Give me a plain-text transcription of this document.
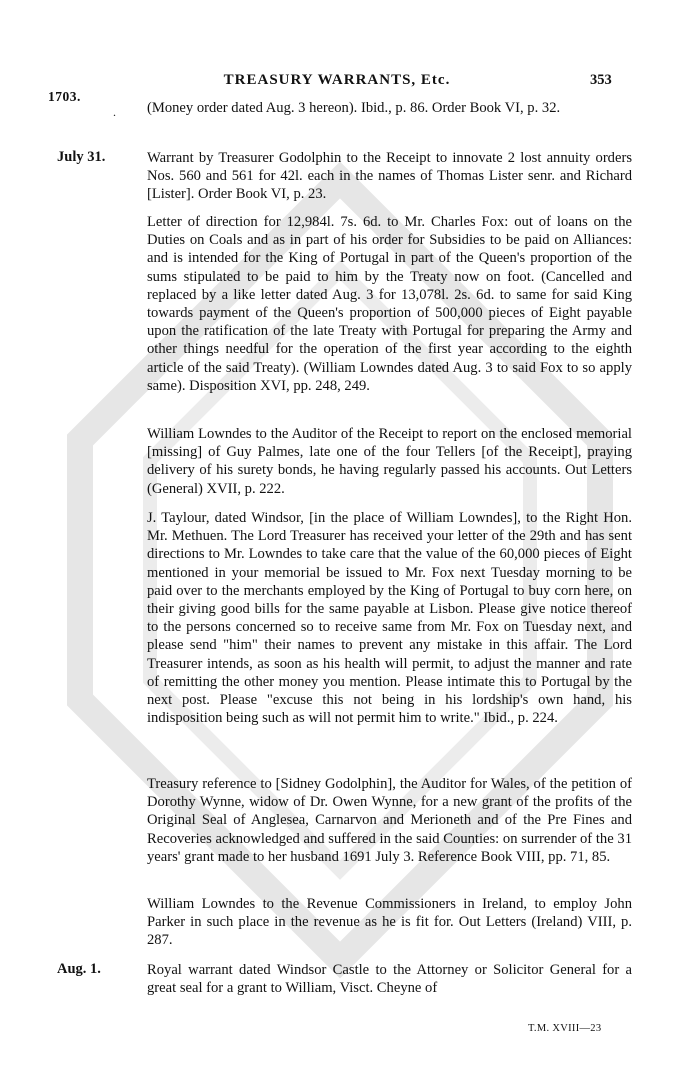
TREASURY WARRANTS, Etc.	353
1703.
. (Money order dated Aug. 3 hereon). Ibid., p. 86. Order Book VI, p. 32.
July 31.	Warrant by Treasurer Godolphin to the Receipt to innovate 2 lost annuity orders Nos. 560 and 561 for 42l. each in the names of Thomas Lister senr. and Richard [Lister]. Order Book VI, p. 23.
Letter of direction for 12,984l. 7s. 6d. to Mr. Charles Fox: out of loans on the Duties on Coals and as in part of his order for Subsidies to be paid on Alliances: and is intended for the King of Portugal in part of the Queen's proportion of the sums stipulated to be paid to him by the Treaty now on foot. (Cancelled and replaced by a like letter dated Aug. 3 for 13,078l. 2s. 6d. to same for said King towards payment of the Queen's proportion of 500,000 pieces of Eight payable upon the ratification of the late Treaty with Portugal for preparing the Army and other things needful for the operation of the first year according to the eighth article of the said Treaty). (William Lowndes dated Aug. 3 to said Fox to so apply same). Disposition XVI, pp. 248, 249.
William Lowndes to the Auditor of the Receipt to report on the enclosed memorial [missing] of Guy Palmes, late one of the four Tellers [of the Receipt], praying delivery of his surety bonds, he having regularly passed his accounts. Out Letters (General) XVII, p. 222.
J. Taylour, dated Windsor, [in the place of William Lowndes], to the Right Hon. Mr. Methuen. The Lord Treasurer has received your letter of the 29th and has sent directions to Mr. Lowndes to take care that the value of the 60,000 pieces of Eight mentioned in your memorial be issued to Mr. Fox next Tuesday morning to be paid over to the merchants employed by the King of Portugal to buy corn here, on their giving good bills for the same payable at Lisbon. Please give notice thereof to the persons concerned so to receive same from Mr. Fox on Tuesday next, and please send "him" their names to prevent any mistake in this affair. The Lord Treasurer intends, as soon as his health will permit, to adjust the manner and rate of remitting the other money you mention. Please intimate this to Portugal by the next post. Please "excuse this not being in his lordship's own hand, his indisposition being such as will not permit him to write." Ibid., p. 224.
Treasury reference to [Sidney Godolphin], the Auditor for Wales, of the petition of Dorothy Wynne, widow of Dr. Owen Wynne, for a new grant of the profits of the Original Seal of Anglesea, Carnarvon and Merioneth and of the Pre Fines and Recoveries acknowledged and suffered in the said Counties: on surrender of the 31 years' grant made to her husband 1691 July 3. Reference Book VIII, pp. 71, 85.
William Lowndes to the Revenue Commissioners in Ireland, to employ John Parker in such place in the revenue as he is fit for. Out Letters (Ireland) VIII, p. 287.
Aug. 1.	Royal warrant dated Windsor Castle to the Attorney or Solicitor General for a great seal for a grant to William, Visct. Cheyne of
T.M. XVIII—23
